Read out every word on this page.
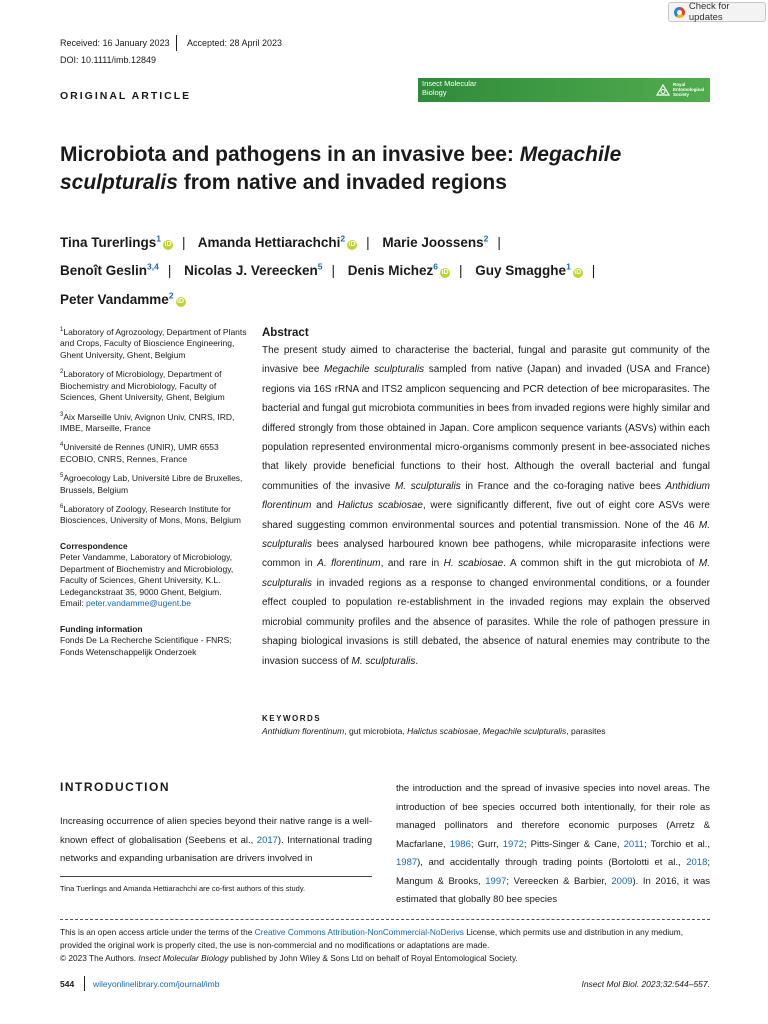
Check for updates
Received: 16 January 2023 Accepted: 28 April 2023
DOI: 10.1111/imb.12849
ORIGINAL ARTICLE
Insect Molecular
Biology
Royal
Entomological
Society
Microbiota and pathogens in an invasive bee: Megachile sculpturalis from native and invaded regions
Tina Turerlings$^1$iD | Amanda Hettiarachchi$^2$iD | Marie Joossens$^2$ |
Benoît Geslin$^{3,4}$ | Nicolas J. Vereecken$^5$ | Denis Michez$^6$iD | Guy Smagghe$^1$iD |
Peter Vandamme$^2$iD

$^1$Laboratory of Agrozoology, Department of Plants and Crops, Faculty of Bioscience Engineering, Ghent University, Ghent, Belgium

$^2$Laboratory of Microbiology, Department of Biochemistry and Microbiology, Faculty of Sciences, Ghent University, Ghent, Belgium

$^3$Aix Marseille Univ, Avignon Univ, CNRS, IRD, IMBE, Marseille, France

$^4$Université de Rennes (UNIR), UMR 6553 ECOBIO, CNRS, Rennes, France

$^5$Agroecology Lab, Université Libre de Bruxelles, Brussels, Belgium

$^6$Laboratory of Zoology, Research Institute for Biosciences, University of Mons, Mons, Belgium

Correspondence
Peter Vandamme, Laboratory of Microbiology, Department of Biochemistry and Microbiology, Faculty of Sciences, Ghent University, K.L. Ledeganckstraat 35, 9000 Ghent, Belgium.
Email: peter.vandamme@ugent.be
Funding information
Fonds De La Recherche Scientifique - FNRS; Fonds Wetenschappelijk Onderzoek
Abstract
The present study aimed to characterise the bacterial, fungal and parasite gut community of the invasive bee Megachile sculpturalis sampled from native (Japan) and invaded (USA and France) regions via 16S rRNA and ITS2 amplicon sequencing and PCR detection of bee microparasites. The bacterial and fungal gut microbiota communities in bees from invaded regions were highly similar and differed strongly from those obtained in Japan. Core amplicon sequence variants (ASVs) within each population represented environmental micro-organisms commonly present in bee-associated niches that likely provide beneficial functions to their host. Although the overall bacterial and fungal communities of the invasive M. sculpturalis in France and the co-foraging native bees Anthidium florentinum and Halictus scabiosae, were significantly different, five out of eight core ASVs were shared suggesting common environmental sources and potential transmission. None of the 46 M. sculpturalis bees analysed harboured known bee pathogens, while microparasite infections were common in A. florentinum, and rare in H. scabiosae. A common shift in the gut microbiota of M. sculpturalis in invaded regions as a response to changed environmental conditions, or a founder effect coupled to population re-establishment in the invaded regions may explain the observed microbial community profiles and the absence of parasites. While the role of pathogen pressure in shaping biological invasions is still debated, the absence of natural enemies may contribute to the invasion success of M. sculpturalis.
KEYWORDS
Anthidium florentinum, gut microbiota, Halictus scabiosae, Megachile sculpturalis, parasites
INTRODUCTION
Increasing occurrence of alien species beyond their native range is a well-known effect of globalisation (Seebens et al., 2017). International trading networks and expanding urbanisation are drivers involved in
Tina Tuerlings and Amanda Hettiarachchi are co-first authors of this study.
the introduction and the spread of invasive species into novel areas. The introduction of bee species occurred both intentionally, for their role as managed pollinators and therefore economic purposes (Arretz & Macfarlane, 1986; Gurr, 1972; Pitts-Singer & Cane, 2011; Torchio et al., 1987), and accidentally through trading points (Bortolotti et al., 2018; Mangum & Brooks, 1997; Vereecken & Barbier, 2009). In 2016, it was estimated that globally 80 bee species
This is an open access article under the terms of the Creative Commons Attribution-NonCommercial-NoDerivs License, which permits use and distribution in any medium, provided the original work is properly cited, the use is non-commercial and no modifications or adaptations are made.
© 2023 The Authors. Insect Molecular Biology published by John Wiley & Sons Ltd on behalf of Royal Entomological Society.
544 wileyonlinelibrary.com/journal/imb	Insect Mol Biol. 2023;32:544–557.
